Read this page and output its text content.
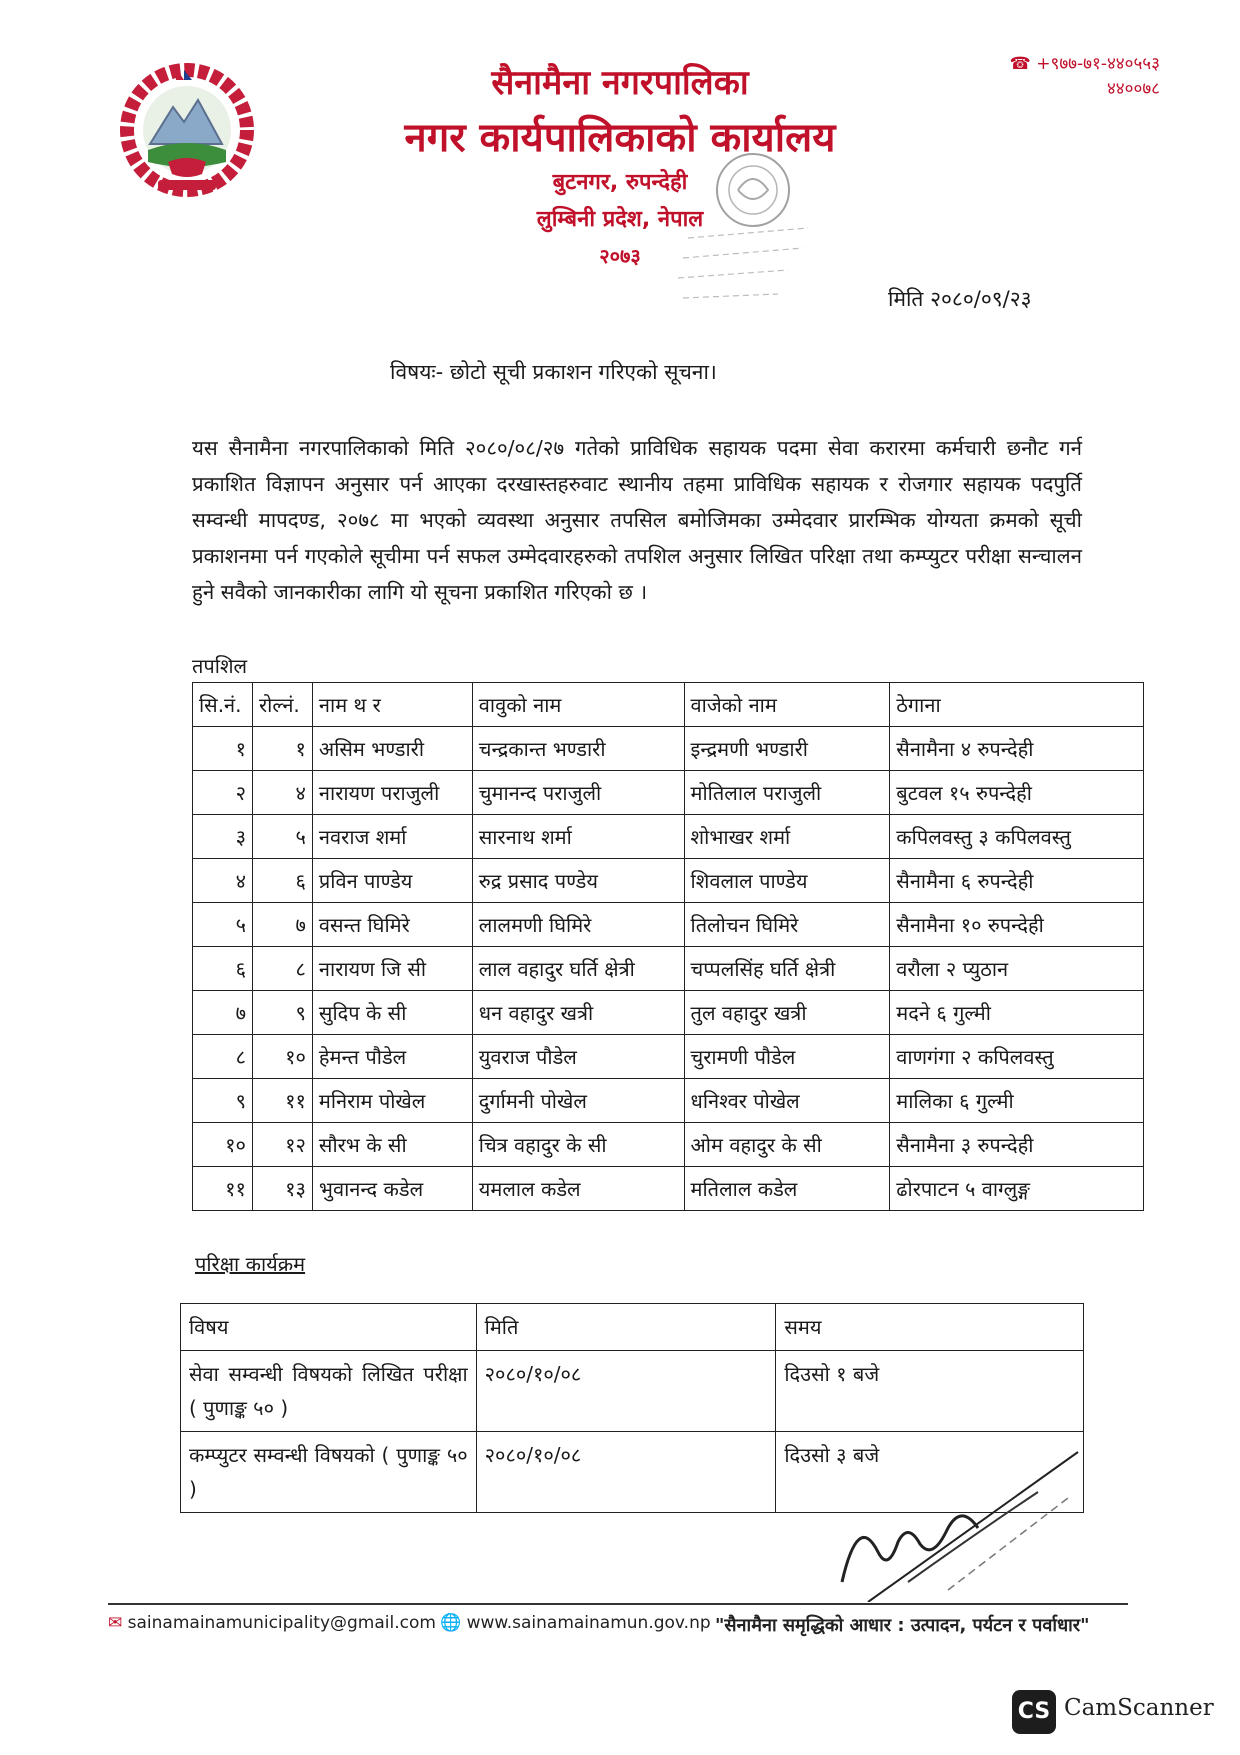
सैनामैना नगरपालिका
नगर कार्यपालिकाको कार्यालय
बुटनगर, रुपन्देही
लुम्बिनी प्रदेश, नेपाल
२०७३
☎ +९७७-७१-४४०५५३
४४००७८
मिति २०८०/०९/२३
विषयः- छोटो सूची प्रकाशन गरिएको सूचना।
यस सैनामैना नगरपालिकाको मिति २०८०/०८/२७ गतेको प्राविधिक सहायक पदमा सेवा करारमा कर्मचारी छनौट गर्न प्रकाशित विज्ञापन अनुसार पर्न आएका दरखास्तहरुवाट स्थानीय तहमा प्राविधिक सहायक र रोजगार सहायक पदपुर्ति सम्वन्धी मापदण्ड, २०७८ मा भएको व्यवस्था अनुसार तपसिल बमोजिमका उम्मेदवार प्रारम्भिक योग्यता क्रमको सूची प्रकाशनमा पर्न गएकोले सूचीमा पर्न सफल उम्मेदवारहरुको तपशिल अनुसार लिखित परिक्षा तथा कम्प्युटर परीक्षा सन्चालन हुने सवैको जानकारीका लागि यो सूचना प्रकाशित गरिएको छ ।
तपशिल
सि.नं.	रोल्नं.	नाम थ र	वावुको नाम	वाजेको नाम	ठेगाना
१	१	असिम भण्डारी	चन्द्रकान्त भण्डारी	इन्द्रमणी भण्डारी	सैनामैना ४ रुपन्देही
२	४	नारायण पराजुली	चुमानन्द पराजुली	मोतिलाल पराजुली	बुटवल १५ रुपन्देही
३	५	नवराज शर्मा	सारनाथ शर्मा	शोभाखर शर्मा	कपिलवस्तु ३ कपिलवस्तु
४	६	प्रविन पाण्डेय	रुद्र प्रसाद पण्डेय	शिवलाल पाण्डेय	सैनामैना ६ रुपन्देही
५	७	वसन्त घिमिरे	लालमणी घिमिरे	तिलोचन घिमिरे	सैनामैना १० रुपन्देही
६	८	नारायण जि सी	लाल वहादुर घर्ति क्षेत्री	चप्पलसिंह घर्ति क्षेत्री	वरौला २ प्युठान
७	९	सुदिप के सी	धन वहादुर खत्री	तुल वहादुर खत्री	मदने ६ गुल्मी
८	१०	हेमन्त पौडेल	युवराज पौडेल	चुरामणी पौडेल	वाणगंगा २ कपिलवस्तु
९	११	मनिराम पोखेल	दुर्गामनी पोखेल	धनिश्वर पोखेल	मालिका ६ गुल्मी
१०	१२	सौरभ के सी	चित्र वहादुर के सी	ओम वहादुर के सी	सैनामैना ३ रुपन्देही
११	१३	भुवानन्द कडेल	यमलाल कडेल	मतिलाल कडेल	ढोरपाटन ५ वाग्लुङ्ग
परिक्षा कार्यक्रम
विषय	मिति	समय
सेवा सम्वन्धी विषयको लिखित परीक्षा ( पुणाङ्क ५० )	२०८०/१०/०८	दिउसो १ बजे
कम्प्युटर सम्वन्धी विषयको ( पुणाङ्क ५० )	२०८०/१०/०८	दिउसो ३ बजे
✉ sainamainamunicipality@gmail.com 🌐 www.sainamainamun.gov.np "सैनामैना समृद्धिको आधार : उत्पादन, पर्यटन र पर्वाधार"
CS CamScanner
